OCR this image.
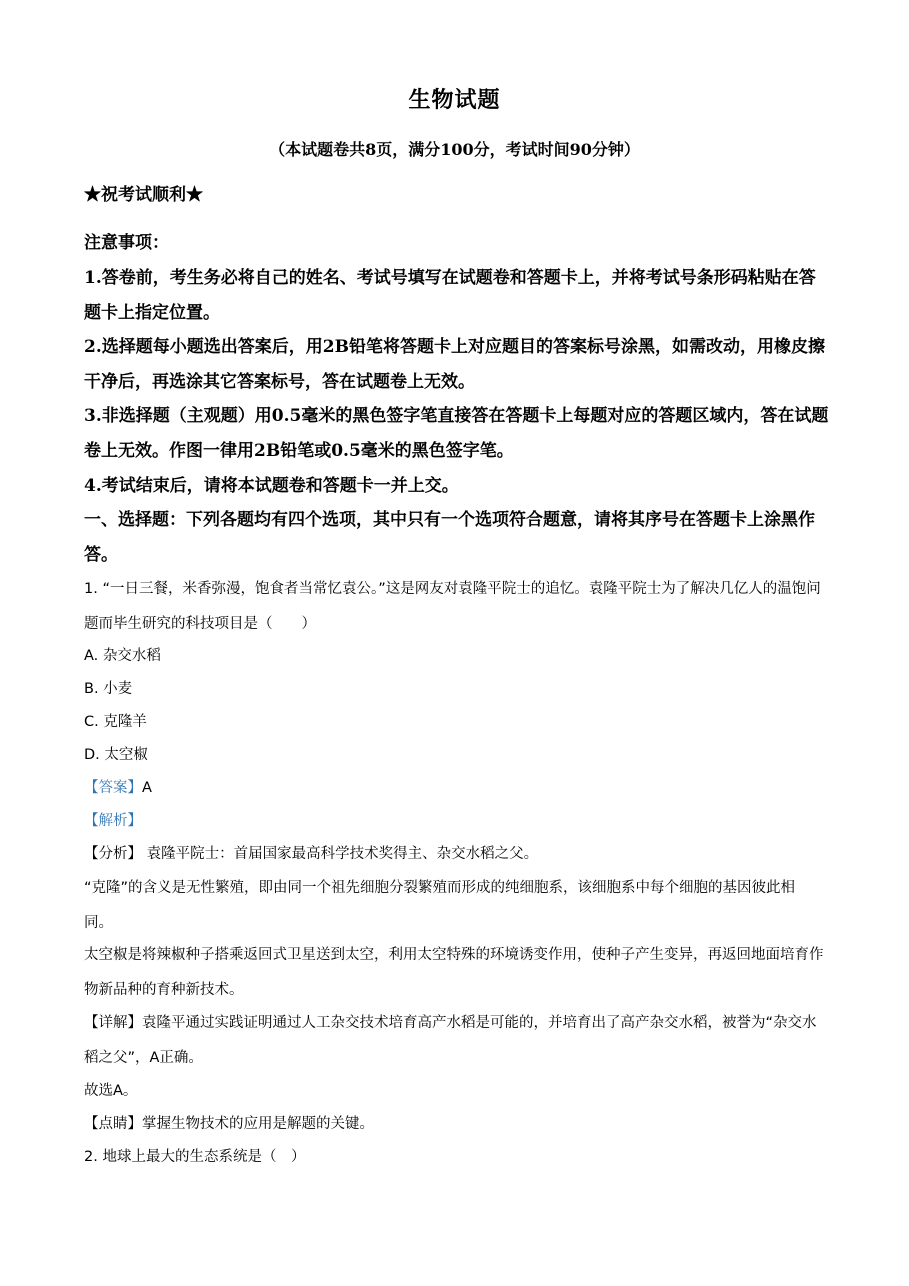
生物试题
（本试题卷共8页，满分100分，考试时间90分钟）
★祝考试顺利★
注意事项：
1.答卷前，考生务必将自己的姓名、考试号填写在试题卷和答题卡上，并将考试号条形码粘贴在答题卡上指定位置。
2.选择题每小题选出答案后，用2B铅笔将答题卡上对应题目的答案标号涂黑，如需改动，用橡皮擦干净后，再选涂其它答案标号，答在试题卷上无效。
3.非选择题（主观题）用0.5毫米的黑色签字笔直接答在答题卡上每题对应的答题区域内，答在试题卷上无效。作图一律用2B铅笔或0.5毫米的黑色签字笔。
4.考试结束后，请将本试题卷和答题卡一并上交。
一、选择题：下列各题均有四个选项，其中只有一个选项符合题意，请将其序号在答题卡上涂黑作答。
1. “一日三餐，米香弥漫，饱食者当常忆袁公。”这是网友对袁隆平院士的追忆。袁隆平院士为了解决几亿人的温饱问题而毕生研究的科技项目是（　　）
A. 杂交水稻
B. 小麦
C. 克隆羊
D. 太空椒
【答案】A
【解析】
【分析】 袁隆平院士：首届国家最高科学技术奖得主、杂交水稻之父。
“克隆”的含义是无性繁殖，即由同一个祖先细胞分裂繁殖而形成的纯细胞系，该细胞系中每个细胞的基因彼此相同。
太空椒是将辣椒种子搭乘返回式卫星送到太空，利用太空特殊的环境诱变作用，使种子产生变异，再返回地面培育作物新品种的育种新技术。
【详解】袁隆平通过实践证明通过人工杂交技术培育高产水稻是可能的，并培育出了高产杂交水稻，被誉为“杂交水稻之父”，A正确。
故选A。
【点睛】掌握生物技术的应用是解题的关键。
2. 地球上最大的生态系统是（　）
